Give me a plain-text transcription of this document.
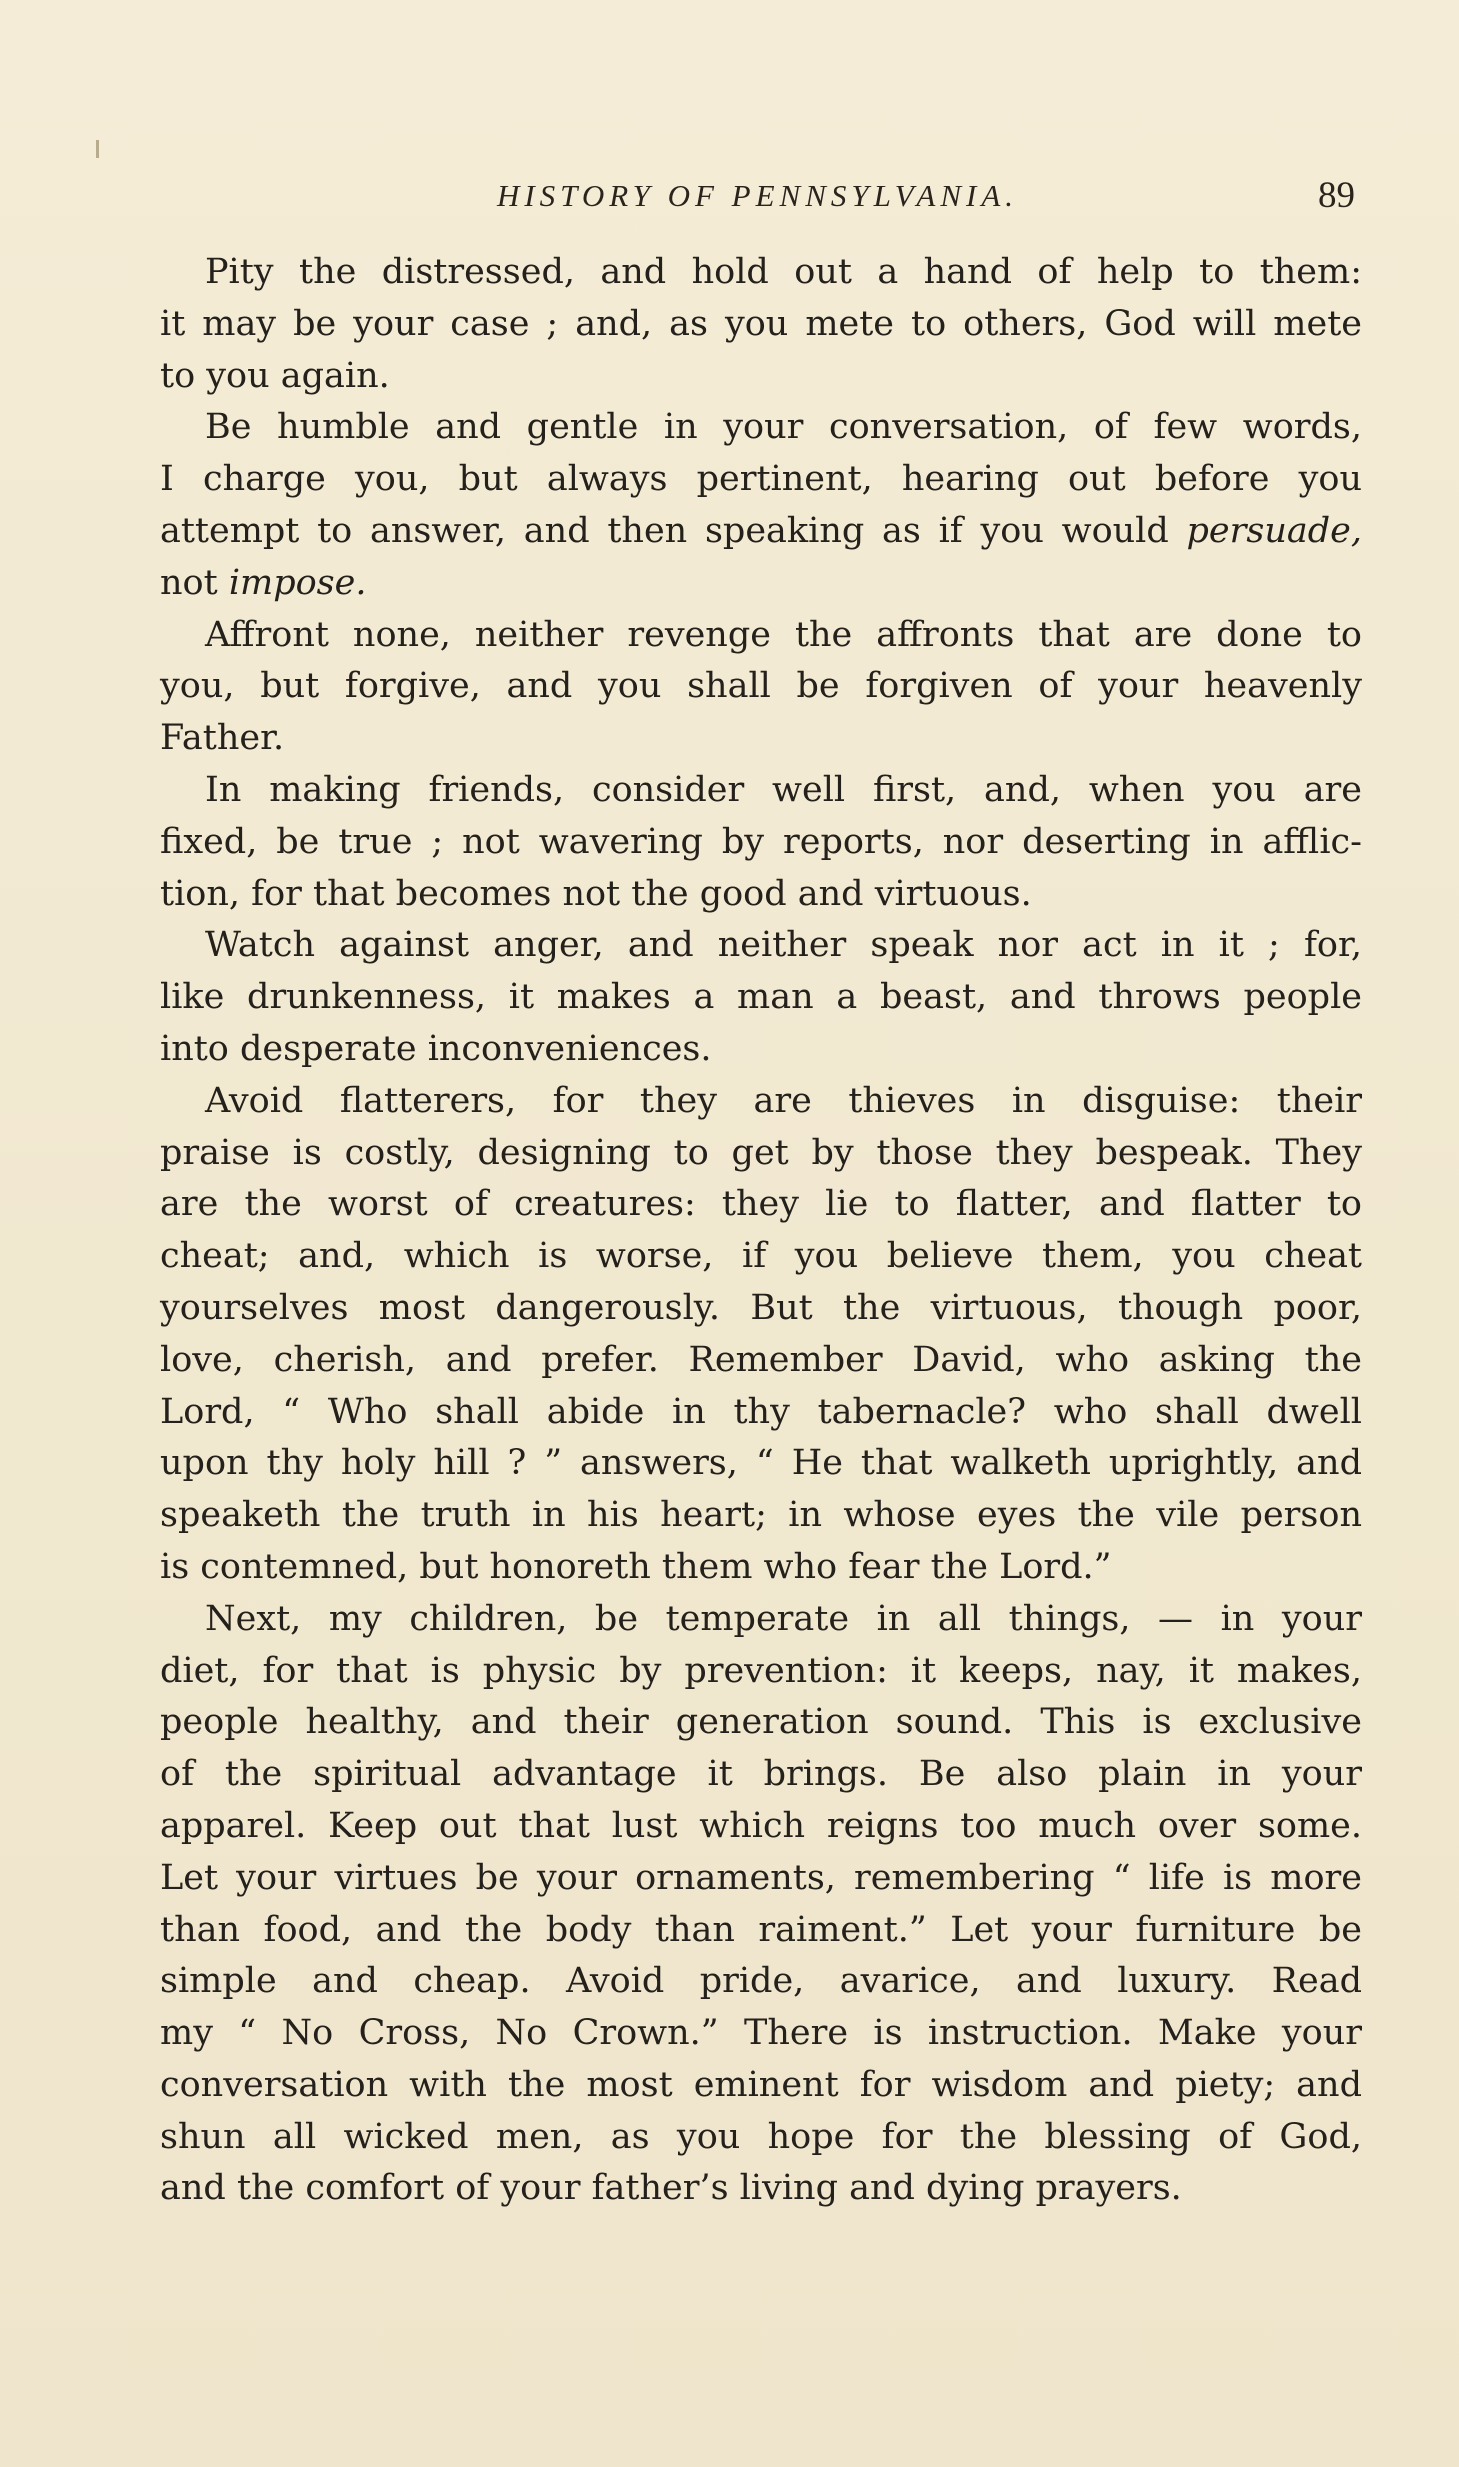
HISTORY OF PENNSYLVANIA.	89
Pity the distressed, and hold out a hand of help to them:
it may be your case ; and, as you mete to others, God will mete
to you again.
Be humble and gentle in your conversation, of few words,
I charge you, but always pertinent, hearing out before you
attempt to answer, and then speaking as if you would persuade,
not impose.
Affront none, neither revenge the affronts that are done to
you, but forgive, and you shall be forgiven of your heavenly
Father.
In making friends, consider well first, and, when you are
fixed, be true ; not wavering by reports, nor deserting in afflic-
tion, for that becomes not the good and virtuous.
Watch against anger, and neither speak nor act in it ; for,
like drunkenness, it makes a man a beast, and throws people
into desperate inconveniences.
Avoid flatterers, for they are thieves in disguise: their
praise is costly, designing to get by those they bespeak. They
are the worst of creatures: they lie to flatter, and flatter to
cheat; and, which is worse, if you believe them, you cheat
yourselves most dangerously. But the virtuous, though poor,
love, cherish, and prefer. Remember David, who asking the
Lord, “ Who shall abide in thy tabernacle? who shall dwell
upon thy holy hill ? ” answers, “ He that walketh uprightly, and
speaketh the truth in his heart; in whose eyes the vile person
is contemned, but honoreth them who fear the Lord.”
Next, my children, be temperate in all things, — in your
diet, for that is physic by prevention: it keeps, nay, it makes,
people healthy, and their generation sound. This is exclusive
of the spiritual advantage it brings. Be also plain in your
apparel. Keep out that lust which reigns too much over some.
Let your virtues be your ornaments, remembering “ life is more
than food, and the body than raiment.” Let your furniture be
simple and cheap. Avoid pride, avarice, and luxury. Read
my “ No Cross, No Crown.” There is instruction. Make your
conversation with the most eminent for wisdom and piety; and
shun all wicked men, as you hope for the blessing of God,
and the comfort of your father’s living and dying prayers.
